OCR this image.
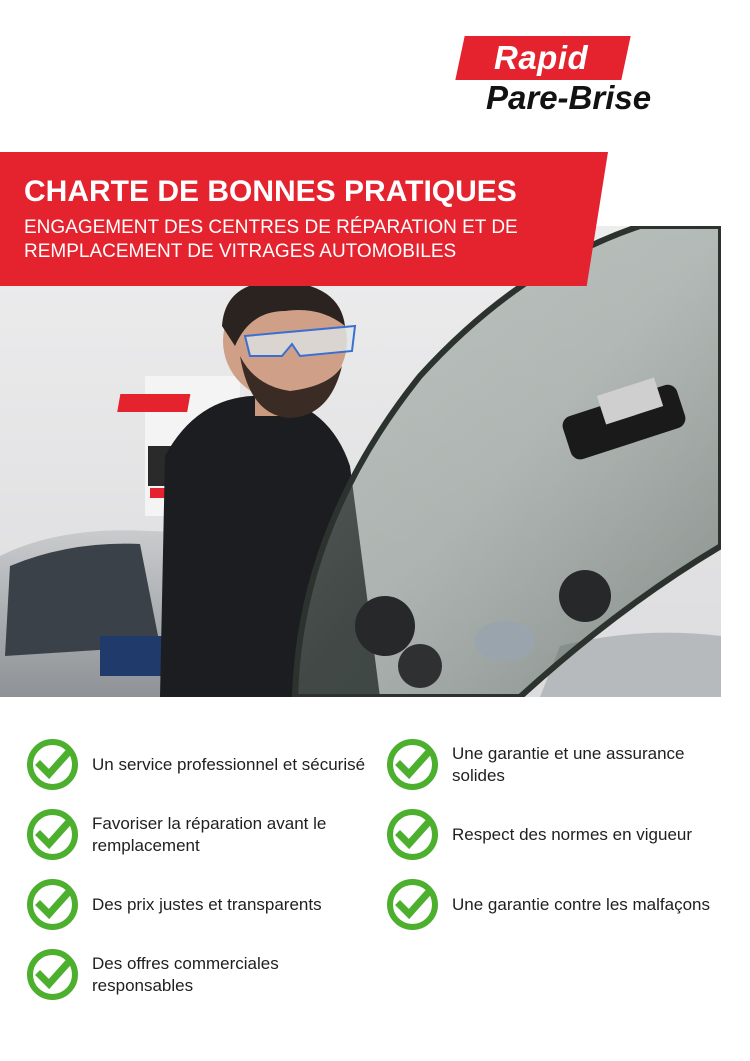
Rapid
Pare-Brise
CHARTE DE BONNES PRATIQUES
ENGAGEMENT DES CENTRES DE RÉPARATION ET DE
REMPLACEMENT DE VITRAGES AUTOMOBILES
Un service professionnel et sécurisé
Favoriser la réparation avant le remplacement
Des prix justes et transparents
Des offres commerciales responsables
Une garantie et une assurance solides
Respect des normes en vigueur
Une garantie contre les malfaçons
